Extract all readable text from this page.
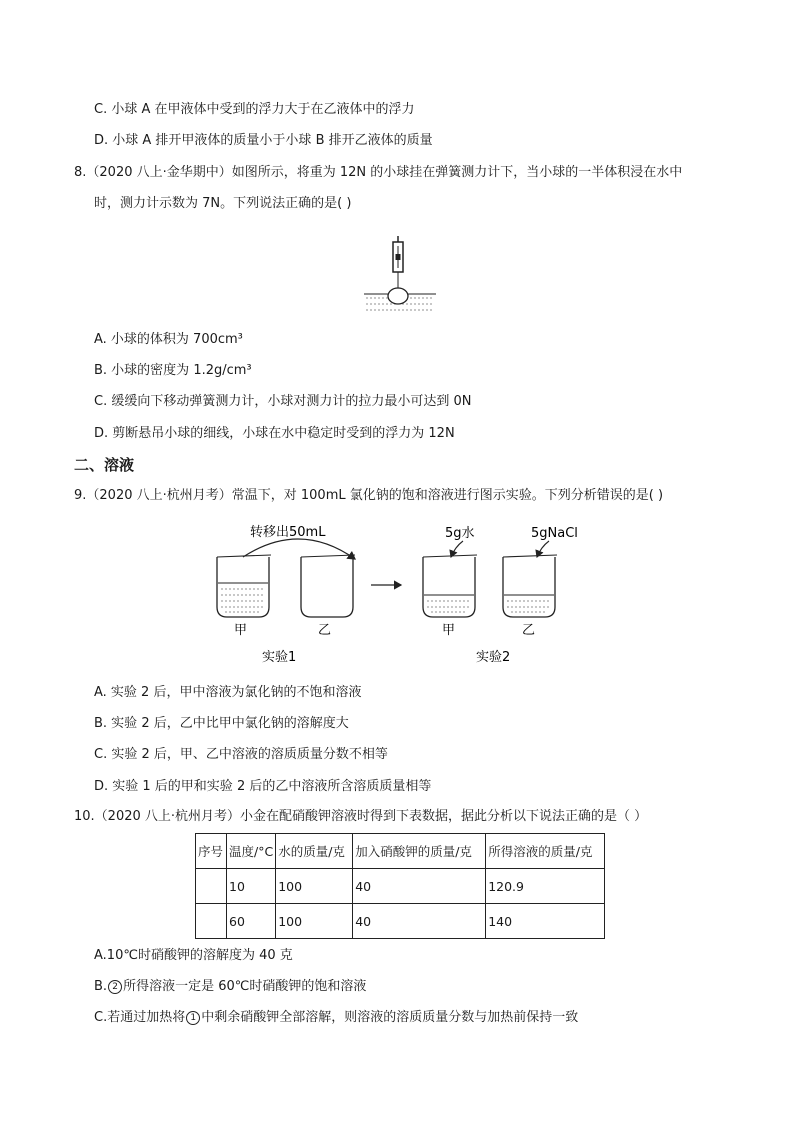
C. 小球 A 在甲液体中受到的浮力大于在乙液体中的浮力
D. 小球 A 排开甲液体的质量小于小球 B 排开乙液体的质量
8.（2020 八上·金华期中）如图所示，将重为 12N 的小球挂在弹簧测力计下，当小球的一半体积浸在水中
时，测力计示数为 7N。下列说法正确的是( )
A. 小球的体积为 700cm³
B. 小球的密度为 1.2g/cm³
C. 缓缓向下移动弹簧测力计，小球对测力计的拉力最小可达到 0N
D. 剪断悬吊小球的细线，小球在水中稳定时受到的浮力为 12N
二、溶液
9.（2020 八上·杭州月考）常温下，对 100mL 氯化钠的饱和溶液进行图示实验。下列分析错误的是( )
转移出50mL	5g水	5gNaCl
甲	乙	甲	乙
实验1	实验2
A. 实验 2 后，甲中溶液为氯化钠的不饱和溶液
B. 实验 2 后，乙中比甲中氯化钠的溶解度大
C. 实验 2 后，甲、乙中溶液的溶质质量分数不相等
D. 实验 1 后的甲和实验 2 后的乙中溶液所含溶质质量相等
10.（2020 八上·杭州月考）小金在配硝酸钾溶液时得到下表数据，据此分析以下说法正确的是（ ）
序号	温度/°C	水的质量/克	加入硝酸钾的质量/克	所得溶液的质量/克
	10	100	40	120.9
	60	100	40	140
A.10℃时硝酸钾的溶解度为 40 克
B. 2 所得溶液一定是 60℃时硝酸钾的饱和溶液
C.若通过加热将 1 中剩余硝酸钾全部溶解，则溶液的溶质质量分数与加热前保持一致
